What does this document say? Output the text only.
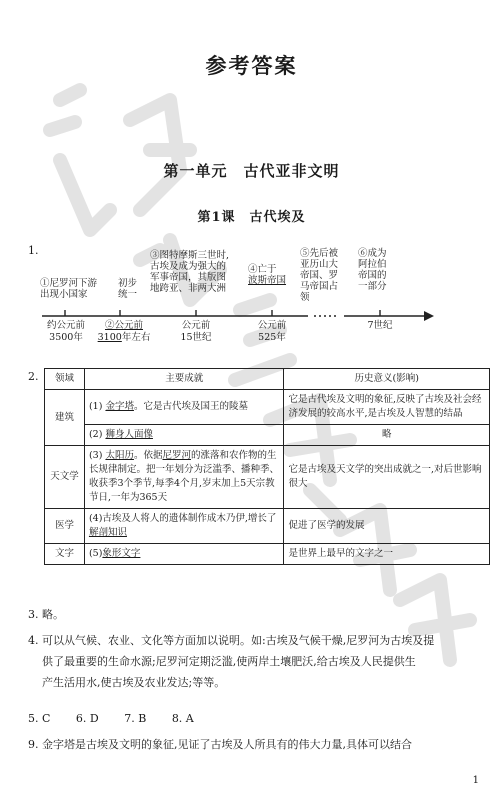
参考答案
第一单元　古代亚非文明
第1课　古代埃及
1.
①尼罗河下游
出现小国家
初步
统一
③图特摩斯三世时,
古埃及成为强大的
军事帝国，其版图
地跨亚、非两大洲
④亡于
波斯帝国
⑤先后被
亚历山大
帝国、罗
马帝国占
领
⑥成为
阿拉伯
帝国的
一部分
约公元前
3500年
②公元前
3100年左右
公元前
15世纪
公元前
525年
7世纪
2. 领域	主要成就	历史意义(影响)
建筑	(1) 金字塔。它是古代埃及国王的陵墓	它是古代埃及文明的象征,反映了古埃及社会经济发展的较高水平,是古埃及人智慧的结晶
	(2) 狮身人面像	略
天文学	(3) 太阳历。依据尼罗河的涨落和农作物的生长规律制定。把一年划分为泛滥季、播种季、收获季3个季节,每季4个月,岁末加上5天宗教节日,一年为365天	它是古埃及天文学的突出成就之一,对后世影响很大
医学	(4)古埃及人将人的遗体制作成木乃伊,增长了解剖知识	促进了医学的发展
文字	(5)象形文字	是世界上最早的文字之一
3. 略。
4. 可以从气候、农业、文化等方面加以说明。如:古埃及气候干燥,尼罗河为古埃及提
供了最重要的生命水源;尼罗河定期泛滥,使两岸土壤肥沃,给古埃及人民提供生
产生活用水,使古埃及农业发达;等等。
5. C 6. D 7. B 8. A
9. 金字塔是古埃及文明的象征,见证了古埃及人所具有的伟大力量,具体可以结合
1
